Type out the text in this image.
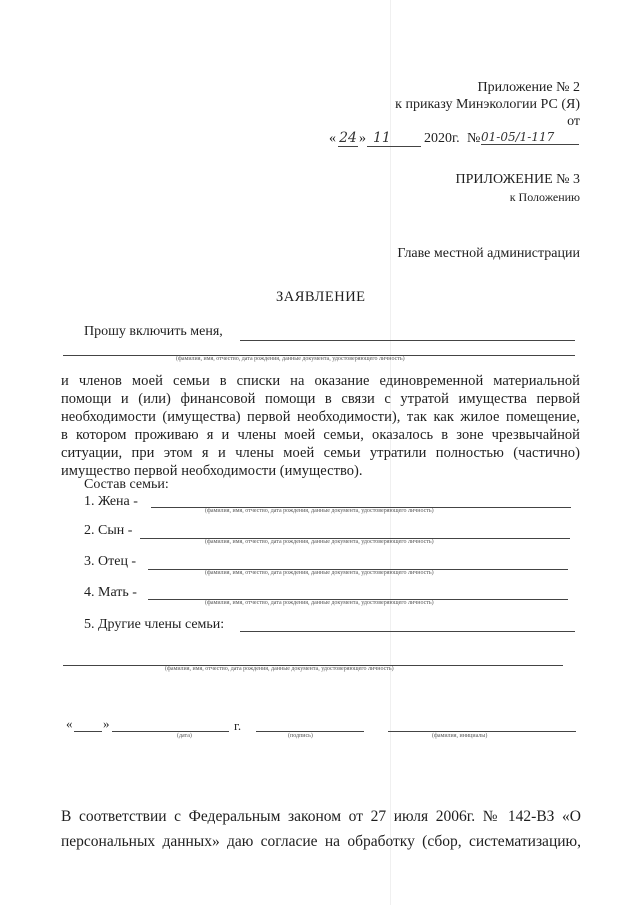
Приложение № 2
к приказу Минэкологии РС (Я)
от
« 24 » 11	2020г. № 01-05/1-117
ПРИЛОЖЕНИЕ № 3
к Положению
Главе местной администрации
ЗАЯВЛЕНИЕ
Прошу включить меня,
(фамилия, имя, отчество, дата рождения, данные документа, удостоверяющего личность)
и членов моей семьи в списки на оказание единовременной материальной
помощи и (или) финансовой помощи в связи с утратой имущества первой
необходимости (имущества) первой необходимости), так как жилое помещение,
в котором проживаю я и члены моей семьи, оказалось в зоне чрезвычайной
ситуации, при этом я и члены моей семьи утратили полностью (частично)
имущество первой необходимости (имущество).
Состав семьи:
1. Жена -
(фамилия, имя, отчество, дата рождения, данные документа, удостоверяющего личность)
2. Сын -
(фамилия, имя, отчество, дата рождения, данные документа, удостоверяющего личность)
3. Отец -
(фамилия, имя, отчество, дата рождения, данные документа, удостоверяющего личность)
4. Мать -
(фамилия, имя, отчество, дата рождения, данные документа, удостоверяющего личность)
5. Другие члены семьи:
(фамилия, имя, отчество, дата рождения, данные документа, удостоверяющего личность)
« »	г.
(дата)	(подпись)	(фамилия, инициалы)
В соответствии с Федеральным законом от 27 июля 2006г. № 142-ВЗ «О
персональных данных» даю согласие на обработку (сбор, систематизацию,
